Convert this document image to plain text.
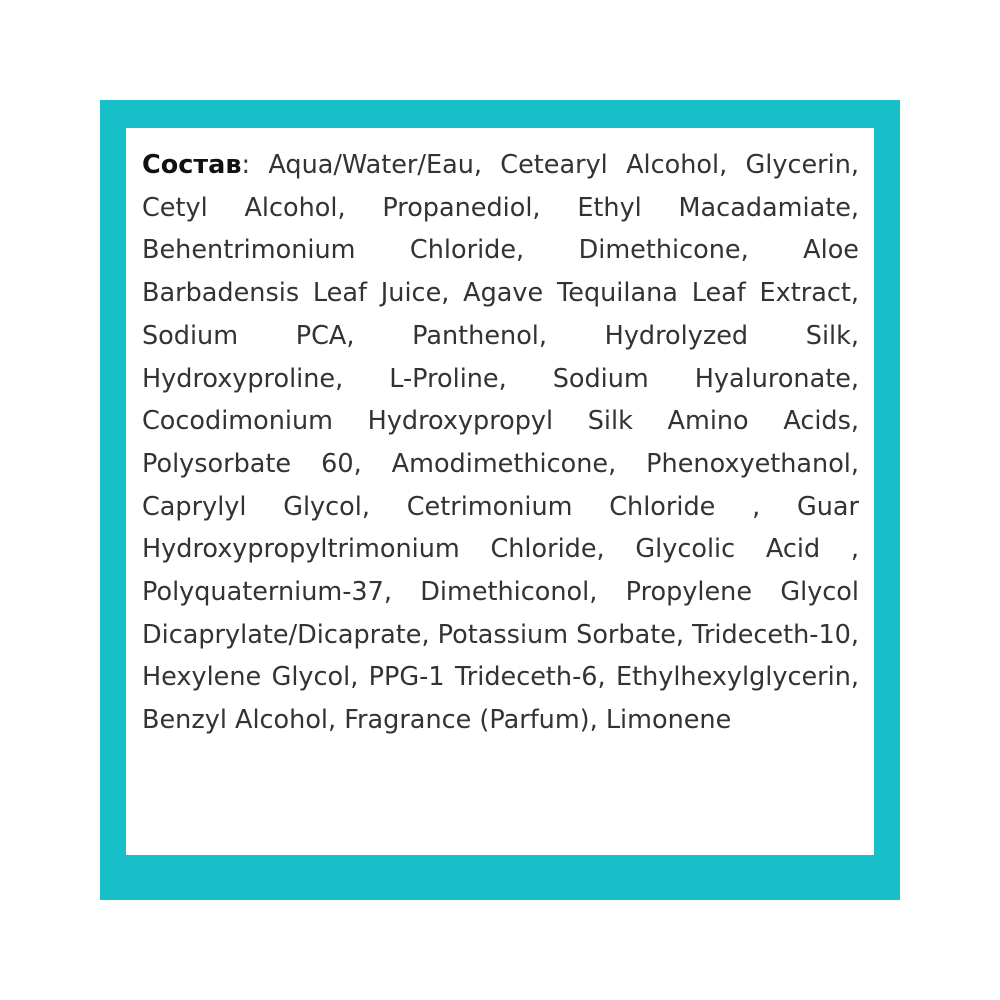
Состав: Aqua/Water/Eau, Cetearyl Alcohol, Glycerin, Cetyl Alcohol, Propanediol, Ethyl Macadamiate, Behentrimonium Chloride, Dimethicone, Aloe Barbadensis Leaf Juice, Agave Tequilana Leaf Extract, Sodium PCA, Panthenol, Hydrolyzed Silk, Hydroxyproline, L-Proline, Sodium Hyaluronate, Cocodimonium Hydroxypropyl Silk Amino Acids, Polysorbate 60, Amodimethicone, Phenoxyethanol, Caprylyl Glycol, Cetrimonium Chloride , Guar Hydroxypropyltrimonium Chloride, Glycolic Acid , Polyquaternium-37, Dimethiconol, Propylene Glycol Dicaprylate/Dicaprate, Potassium Sorbate, Trideceth-10, Hexylene Glycol, PPG-1 Trideceth-6, Ethylhexylglycerin, Benzyl Alcohol, Fragrance (Parfum), Limonene
